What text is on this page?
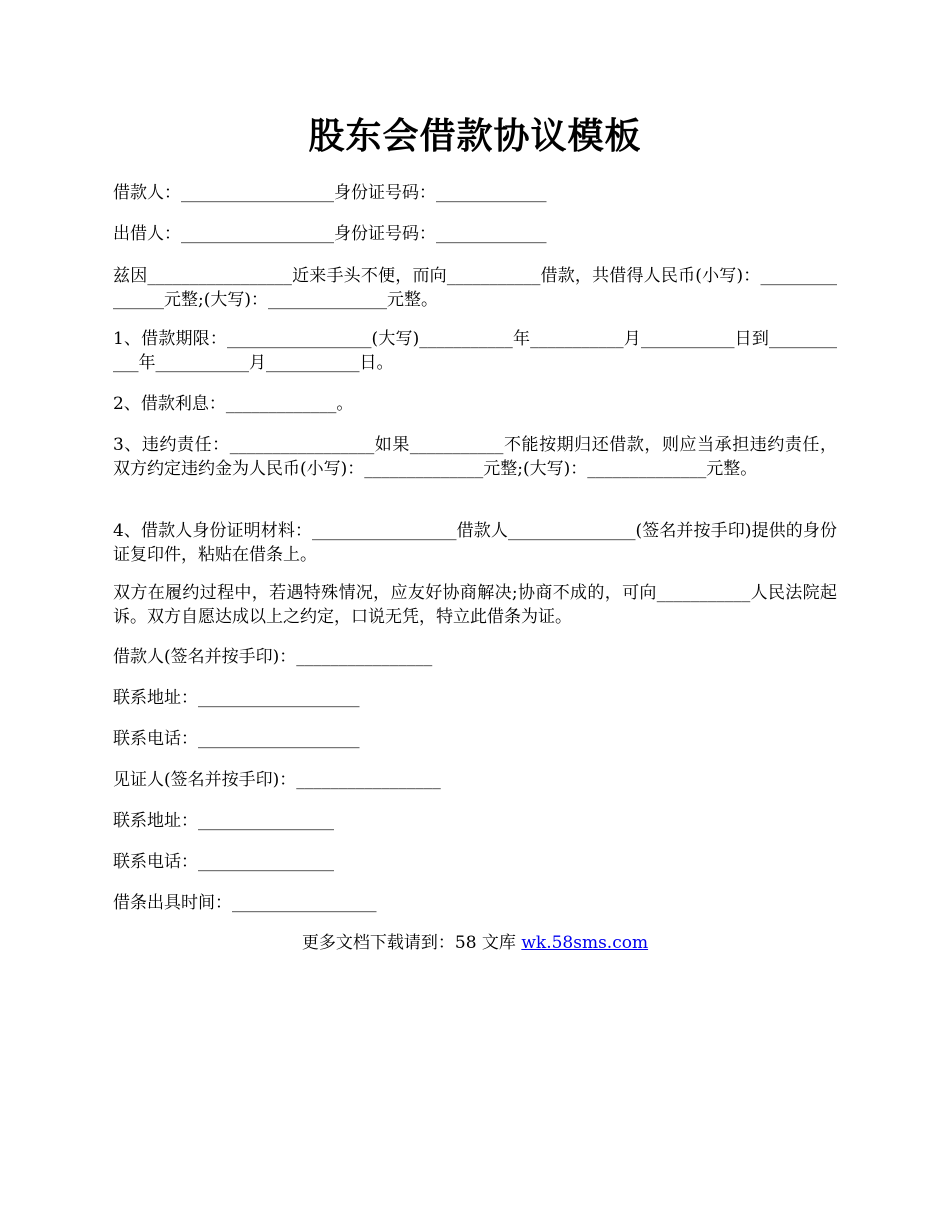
股东会借款协议模板
借款人：__________________身份证号码：_____________
出借人：__________________身份证号码：_____________
兹因_________________近来手头不便，而向___________借款，共借得人民币(小写)：_______________元整;(大写)：______________元整。
1、借款期限：_________________(大写)___________年___________月___________日到___________年___________月___________日。
2、借款利息：_____________。
3、违约责任：_________________如果___________不能按期归还借款，则应当承担违约责任，双方约定违约金为人民币(小写)：______________元整;(大写)：______________元整。
4、借款人身份证明材料：_________________借款人_______________(签名并按手印)提供的身份证复印件，粘贴在借条上。
双方在履约过程中，若遇特殊情况，应友好协商解决;协商不成的，可向___________人民法院起诉。双方自愿达成以上之约定，口说无凭，特立此借条为证。
借款人(签名并按手印)：________________
联系地址：___________________
联系电话：___________________
见证人(签名并按手印)：_________________
联系地址：________________
联系电话：________________
借条出具时间：_________________
更多文档下载请到：58 文库 wk.58sms.com
